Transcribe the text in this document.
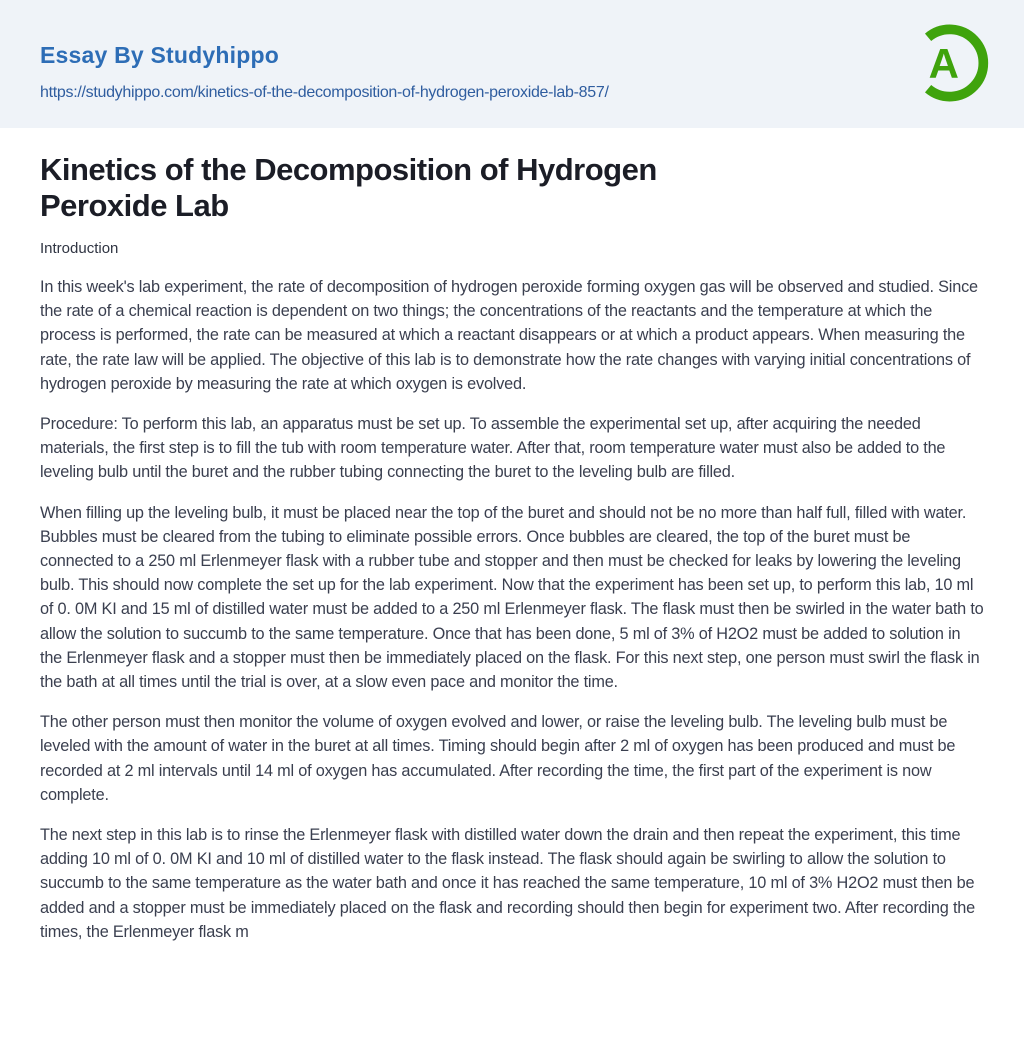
Essay By Studyhippo
https://studyhippo.com/kinetics-of-the-decomposition-of-hydrogen-peroxide-lab-857/
A
Kinetics of the Decomposition of Hydrogen
Peroxide Lab
Introduction

In this week's lab experiment, the rate of decomposition of hydrogen peroxide forming oxygen gas will be observed and studied. Since the rate of a chemical reaction is dependent on two things; the concentrations of the reactants and the temperature at which the process is performed, the rate can be measured at which a reactant disappears or at which a product appears. When measuring the rate, the rate law will be applied. The objective of this lab is to demonstrate how the rate changes with varying initial concentrations of hydrogen peroxide by measuring the rate at which oxygen is evolved.

Procedure: To perform this lab, an apparatus must be set up. To assemble the experimental set up, after acquiring the needed materials, the first step is to fill the tub with room temperature water. After that, room temperature water must also be added to the leveling bulb until the buret and the rubber tubing connecting the buret to the leveling bulb are filled.

When filling up the leveling bulb, it must be placed near the top of the buret and should not be no more than half full, filled with water. Bubbles must be cleared from the tubing to eliminate possible errors. Once bubbles are cleared, the top of the buret must be connected to a 250 ml Erlenmeyer flask with a rubber tube and stopper and then must be checked for leaks by lowering the leveling bulb. This should now complete the set up for the lab experiment. Now that the experiment has been set up, to perform this lab, 10 ml of 0. 0M KI and 15 ml of distilled water must be added to a 250 ml Erlenmeyer flask. The flask must then be swirled in the water bath to allow the solution to succumb to the same temperature. Once that has been done, 5 ml of 3% of H2O2 must be added to solution in the Erlenmeyer flask and a stopper must then be immediately placed on the flask. For this next step, one person must swirl the flask in the bath at all times until the trial is over, at a slow even pace and monitor the time.

The other person must then monitor the volume of oxygen evolved and lower, or raise the leveling bulb. The leveling bulb must be leveled with the amount of water in the buret at all times. Timing should begin after 2 ml of oxygen has been produced and must be recorded at 2 ml intervals until 14 ml of oxygen has accumulated. After recording the time, the first part of the experiment is now complete.

The next step in this lab is to rinse the Erlenmeyer flask with distilled water down the drain and then repeat the experiment, this time adding 10 ml of 0. 0M KI and 10 ml of distilled water to the flask instead. The flask should again be swirling to allow the solution to succumb to the same temperature as the water bath and once it has reached the same temperature, 10 ml of 3% H2O2 must then be added and a stopper must be immediately placed on the flask and recording should then begin for experiment two. After recording the times, the Erlenmeyer flask m
